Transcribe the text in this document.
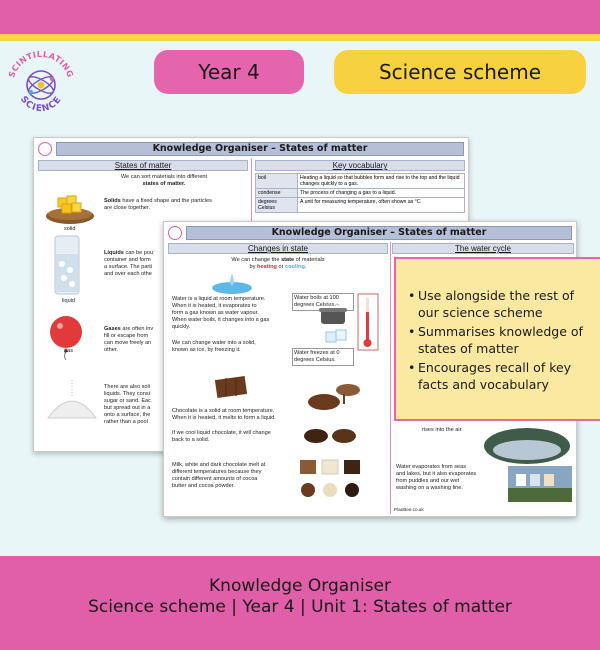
SCINTILLATING
SCIENCE
Year 4	Science scheme
Knowledge Organiser – States of matter
States of matter	Key vocabulary
We can sort materials into different
states of matter.
solid
Solids have a fixed shape and the particles
are close together.
liquid
Liquids can be pou
container and form
a surface. The parti
and over each othe
gas
Gases are often inv
fill or escape from
can move freely an
other.
There are also soli
liquids. They consi
sugar or sand. Eac
but spread out in a
onto a surface, the
rather than a pool
boil	Heating a liquid so that bubbles form and rise to the top and the liquid changes quickly to a gas.
condense	The process of changing a gas to a liquid.
degrees Celsius	A unit for measuring temperature, often shown as °C
Knowledge Organiser – States of matter
Changes in state	The water cycle
We can change the state of materials
by heating or cooling.
Water is a liquid at room temperature.
When it is heated, it evaporates to
form a gas known as water vapour.
When water boils, it changes into a gas
quickly.
We can change water into a solid,
known as ice, by freezing it.
Water boils at 100 degrees Celsius.
Water freezes at 0 degrees Celsius.
Chocolate is a solid at room temperature.
When it is heated, it melts to form a liquid.
If we cool liquid chocolate, it will change
back to a solid.
Milk, white and dark chocolate melt at
different temperatures because they
contain different amounts of cocoa
butter and cocoa powder.
rises into the air.
Water evaporates from seas
and lakes, but it also evaporates
from puddles and our wet
washing on a washing line.
PlanBee.co.uk
• Use alongside the rest of our science scheme
• Summarises knowledge of states of matter
• Encourages recall of key facts and vocabulary
Knowledge Organiser
Science scheme | Year 4 | Unit 1: States of matter
